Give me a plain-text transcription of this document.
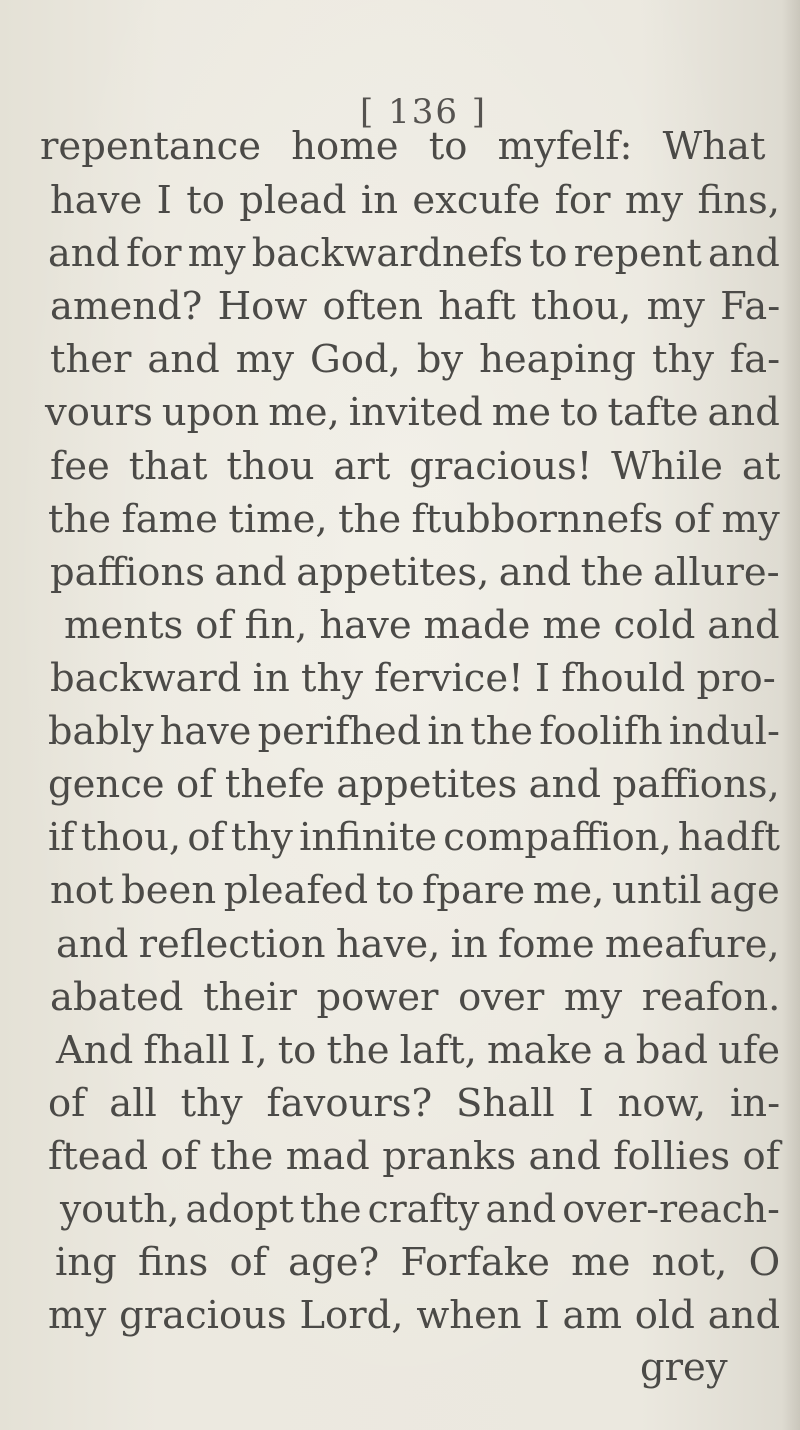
[ 136 ]
repentance home to myfelf: What
have I to plead in excufe for my fins,
and for my backwardnefs to repent and
amend? How often haft thou, my Fa-
ther and my God, by heaping thy fa-
vours upon me, invited me to tafte and
fee that thou art gracious! While at
the fame time, the ftubbornnefs of my
paffions and appetites, and the allure-
ments of fin, have made me cold and
backward in thy fervice! I fhould pro-
bably have perifhed in the foolifh indul-
gence of thefe appetites and paffions,
if thou, of thy infinite compaffion, hadft
not been pleafed to fpare me, until age
and reflection have, in fome meafure,
abated their power over my reafon.
And fhall I, to the laft, make a bad ufe
of all thy favours? Shall I now, in-
ftead of the mad pranks and follies of
youth, adopt the crafty and over-reach-
ing fins of age? Forfake me not, O
my gracious Lord, when I am old and
grey
